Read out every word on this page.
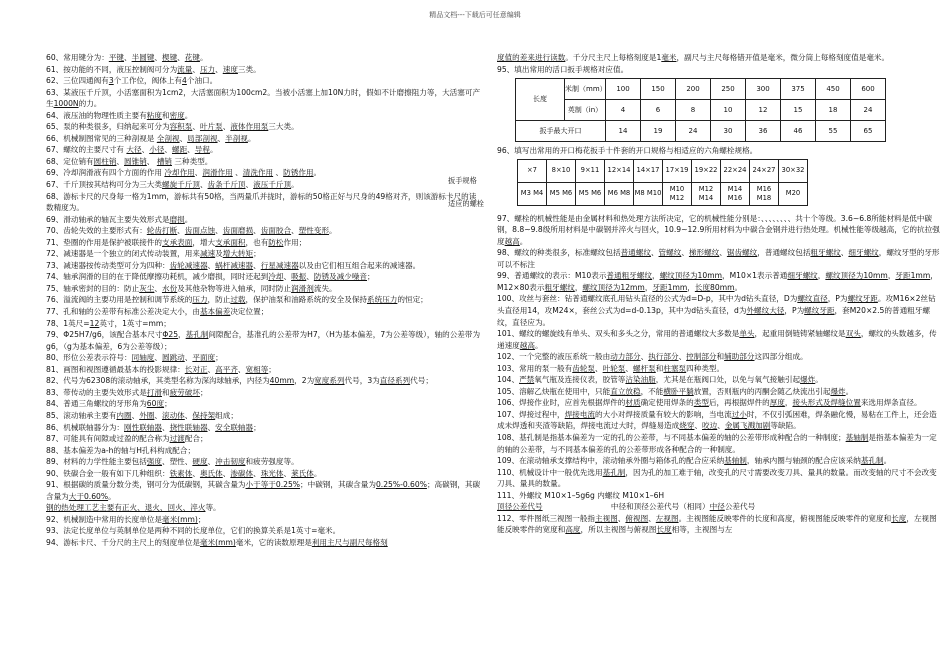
精品文档---下载后可任意编辑

60、常用键分为：平键、半圆键、楔键、花键。

61、按功能的不同，液压控制阀可分为流量、压力、速度三类。

62、三位四通阀有3个工作位，阀体上有4个油口。

63、某液压千斤顶，小活塞面积为1cm2，大活塞面积为100cm2。当被小活塞上加10N力时，假如不计磨擦阻力等，大活塞可产生1000N的力。

64、液压油的物理性质主要有粘度和密度。

65、泵的种类很多，归纳起来可分为容积泵、叶片泵、液体作用泵三大类。

66、机械制图常见的三种剖视是 全剖视、局部剖视、半剖视。

67、螺纹的主要尺寸有 大径、小径、螺距、导程。

68、定位销有圆柱销、圆锥销、 槽销 三种类型。

69、冷却润滑液有四个方面的作用 冷却作用、润滑作用 、清洗作用 、防锈作用。

67、千斤顶按其结构可分为三大类螺旋千斤顶、齿条千斤顶、液压千斤顶。

68、游标卡尺的尺身每一格为1mm，游标共有50格，当两量爪并拢时，游标的50格正好与尺身的49格对齐，则该游标卡尺的读数精度为。

69、滑动轴承的轴瓦主要失效形式是磨损。

70、齿轮失效的主要形式有：轮齿打断、齿面点蚀、齿面磨损、齿面胶合、塑性变形。

71、垫圈的作用是保护被联接件的支承表面，增大支承面积，也有防松作用；

72、减速器是一个独立的闭式传动装置，用来减速及增大转矩；

73、减速器按传动类型可分为四种：齿轮减速器、蜗杆减速器、行星减速器以及由它们相互组合起来的减速器。

74、轴承润滑的目的在于降低摩擦功耗机，减少磨损，同时还起到冷却、吸振、防锈及减少噪音；

75、轴承密封的目的：防止灰尘、水份及其他杂物等进入轴承，同时防止润滑剂流失。

76、溢流阀的主要功用是控制和调节系统的压力，防止过载，保护油泵和油路系统的安全及保持系统压力的恒定；

77、孔和轴的公差带有标准公差决定大小，由基本偏差决定位置；

78、1英尺=12英寸，1英寸=mm；

79、Φ25H7/g6，该配合基本尺寸Φ25，基孔制间隙配合，基准孔的公差带为H7，（H为基本偏差，7为公差等级），轴的公差带为g6，（g为基本偏差，6为公差等级）；

80、形位公差表示符号：同轴度、圆跳动、平面度；

81、画图和视图遵循最基本的投影规律：长对正、高平齐、宽相等；

82、代号为62308的滚动轴承，其类型名称为深沟球轴承，内径为40mm，2为宽度系列代号，3为直径系列代号；

83、带传动的主要失效形式是打滑和疲劳破坏；

84、普通三角螺纹的牙形角为60度；

85、滚动轴承主要有内圈、外圈、滚动体、保持架组成；

86、机械联轴器分为：刚性联轴器、挠性联轴器、安全联轴器；

87、可能具有间隙或过盈的配合称为过渡配合；

88、基本偏差为a-h的轴与H孔科构成配合；

89、材料的力学性能主要包括强度、塑性、硬度、冲击韧度和疲劳强度等。

90、铁碳合金一般有如下几种组织：铁素体、奥氏体、渗碳体、珠光体、莱氏体。

91、根据碳的质量分数分类，钢可分为低碳钢，其碳含量为小于等于0.25%；中碳钢，其碳含量为0.25%-0.60%；高碳钢，其碳含量为大于0.60%。

钢的热处理工艺主要有正火、退火、回火、淬火等。

92、机械制造中常用的长度单位是毫米(mm)；

93、法定长度单位与英制单位是两种不同的长度单位，它们的换算关系是1英寸=毫米。

94、游标卡尺、千分尺的主尺上的刻度单位是毫米(mm)毫米，它的读数原理是利用主尺与副尺每格刻

度值的差来进行读数。千分尺主尺上每格刻度是1毫米，副尺与主尺每格错开值是毫米，微分筒上每格刻度值是毫米。

95、填出常用的活口扳手规格对应值。

长度	米制（mm）	100	150	200	250	300	375	450	600
	英制（in）	4	6	8	10	12	15	18	24
扳手最大开口		14	19	24	30	36	46	55	65

96、填写出常用的开口梅花扳手十件套的开口规格与相适应的六角螺栓规格。

扳手规格
适应的螺栓
×7	8×10	9×11	12×14	14×17	17×19	19×22	22×24	24×27	30×32
M3 M4	M5 M6	M5 M6	M6 M8	M8 M10	M10 M12	M12 M14	M14 M16	M16 M18	M20

97、螺栓的机械性能是由金属材料和热处理方法所决定，它的机械性能分别是：、、、、、、、、共十个等级。3.6~6.8所能材料是低中碳钢，8.8~9.8级所用材料是中碳钢并淬火与回火，10.9~12.9所用材料为中碳合金钢并进行热处理。机械性能等级越高，它的抗拉强度越高。

98、螺纹的种类很多，标准螺纹包括普通螺纹、管螺纹、梯形螺纹、锯齿螺纹，普通螺纹包括粗牙螺纹、细牙螺纹，螺纹牙型的牙形可以不标注

99、普通螺纹的表示：M10表示普通粗牙螺纹，螺纹顶径为10mm，M10×1表示普通细牙螺纹，螺纹顶径为10mm，牙距1mm，M12×80表示粗牙螺纹，螺纹顶径为12mm，牙距1mm，长度80mm。

100、攻丝与套丝：钻普通螺纹底孔用钻头直径的公式为d=D-p，其中为d钻头直径，D为螺纹直径，P为螺纹牙距。攻M16×2丝钻头直径用14，攻M24×，套丝公式为d=d-0.13p，其中为d钻头直径，d为外螺纹大径，P为螺纹牙距，套M20×2.5的普通粗牙螺纹，直径应为。

101、螺纹的螺旋线有单头、双头和多头之分，常用的普通螺纹大多数是单头，起重用倒链铸紧轴螺纹是双头，螺纹的头数越多，传递速度越高。

102、一个完整的液压系统一般由动力部分、执行部分、控制部分和辅助部分这四部分组成。

103、常用的泵一般有齿轮泵、叶轮泵、螺杆泵和柱塞泵四种类型。

104、严禁氧气瓶及连接仪表，胶管等沾染油脂，尤其是在瓶阀口处，以免与氧气接触引起爆炸。

105、溶解乙炔瓶在使用中，只能直立放稳，不能横卧平躺放置，否则瓶内的丙酮会随乙炔流出引起爆炸。

106、焊接作业时，应首先根据焊件的材质确定使用焊条的类型后，再根据焊件的厚度，接头形式及焊缝位置来选用焊条直径。

107、焊接过程中，焊接电流的大小对焊接质量有较大的影响，当电流过小时，不仅引弧困难，焊条融化慢，易粘在工件上，还会造成未焊透和夹渣等缺陷，焊接电流过大时，焊缝易造成烧穿、咬边、金属飞溅加剧等缺陷。

108、基孔制是指基本偏差为一定的孔的公差带，与不同基本偏差的轴的公差带形成种配合的一种制度；基轴制是指基本偏差为一定的轴的公差带，与不同基本偏差的孔的公差带形成各种配合的一种制度。

109、在滚动轴承支撑结构中，滚动轴承外圈与箱体孔的配合应采纳基轴制，轴承内圈与轴颈的配合应该采纳基孔制。

110、机械设计中一般优先选用基孔制，因为孔的加工难于轴，改变孔的尺寸需要改变刀具、量具的数量。而改变轴的尺寸不会改变刀具、量具的数量。

111、外螺纹 M10×1–5g6g 内螺纹 M10×1–6H

顶径公差代号　　　　　　　　　中径和顶径公差代号（相同）中径公差代号

112、零件图纸三视图一般指主视图、俯视图、左视图。主视图能反映零件的长度和高度，俯视图能反映零件的宽度和长度，左视图能反映零件的宽度和高度，所以主视图与俯视图长度相等，主视图与左
